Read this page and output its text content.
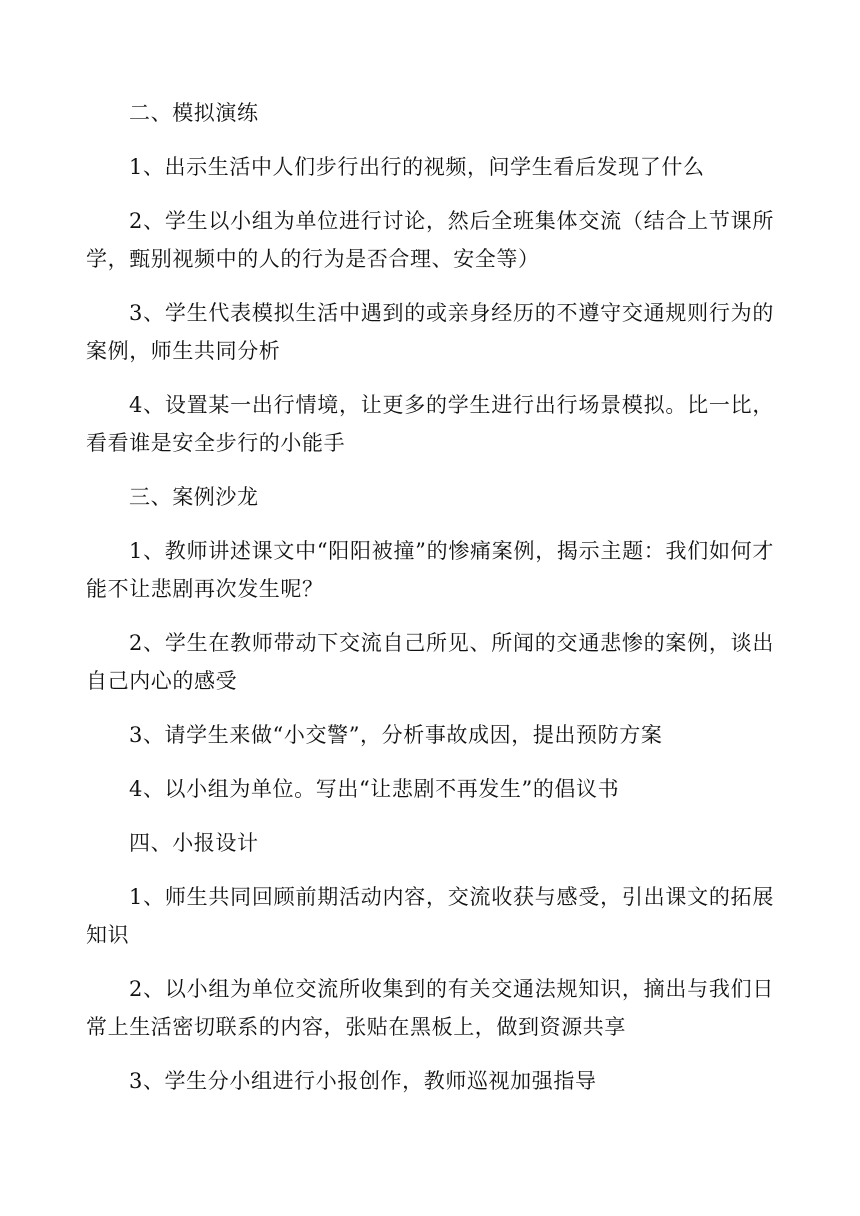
二、模拟演练

1、出示生活中人们步行出行的视频，问学生看后发现了什么

2、学生以小组为单位进行讨论，然后全班集体交流（结合上节课所学，甄别视频中的人的行为是否合理、安全等）

3、学生代表模拟生活中遇到的或亲身经历的不遵守交通规则行为的案例，师生共同分析

4、设置某一出行情境，让更多的学生进行出行场景模拟。比一比，看看谁是安全步行的小能手

三、案例沙龙

1、教师讲述课文中“阳阳被撞”的惨痛案例，揭示主题：我们如何才能不让悲剧再次发生呢？

2、学生在教师带动下交流自己所见、所闻的交通悲惨的案例，谈出自己内心的感受

3、请学生来做“小交警”，分析事故成因，提出预防方案

4、以小组为单位。写出“让悲剧不再发生”的倡议书

四、小报设计

1、师生共同回顾前期活动内容，交流收获与感受，引出课文的拓展知识

2、以小组为单位交流所收集到的有关交通法规知识，摘出与我们日常上生活密切联系的内容，张贴在黑板上，做到资源共享

3、学生分小组进行小报创作，教师巡视加强指导
